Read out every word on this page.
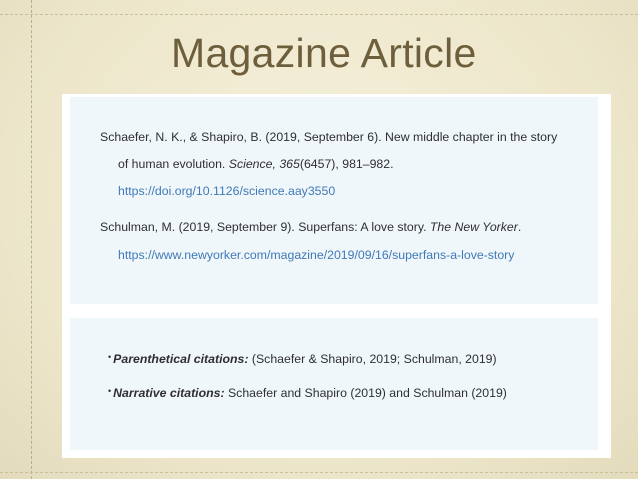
Magazine Article
Schaefer, N. K., & Shapiro, B. (2019, September 6). New middle chapter in the story
of human evolution. Science, 365(6457), 981–982.
https://doi.org/10.1126/science.aay3550
Schulman, M. (2019, September 9). Superfans: A love story. The New Yorker.
https://www.newyorker.com/magazine/2019/09/16/superfans-a-love-story
• Parenthetical citations: (Schaefer & Shapiro, 2019; Schulman, 2019)
• Narrative citations: Schaefer and Shapiro (2019) and Schulman (2019)
